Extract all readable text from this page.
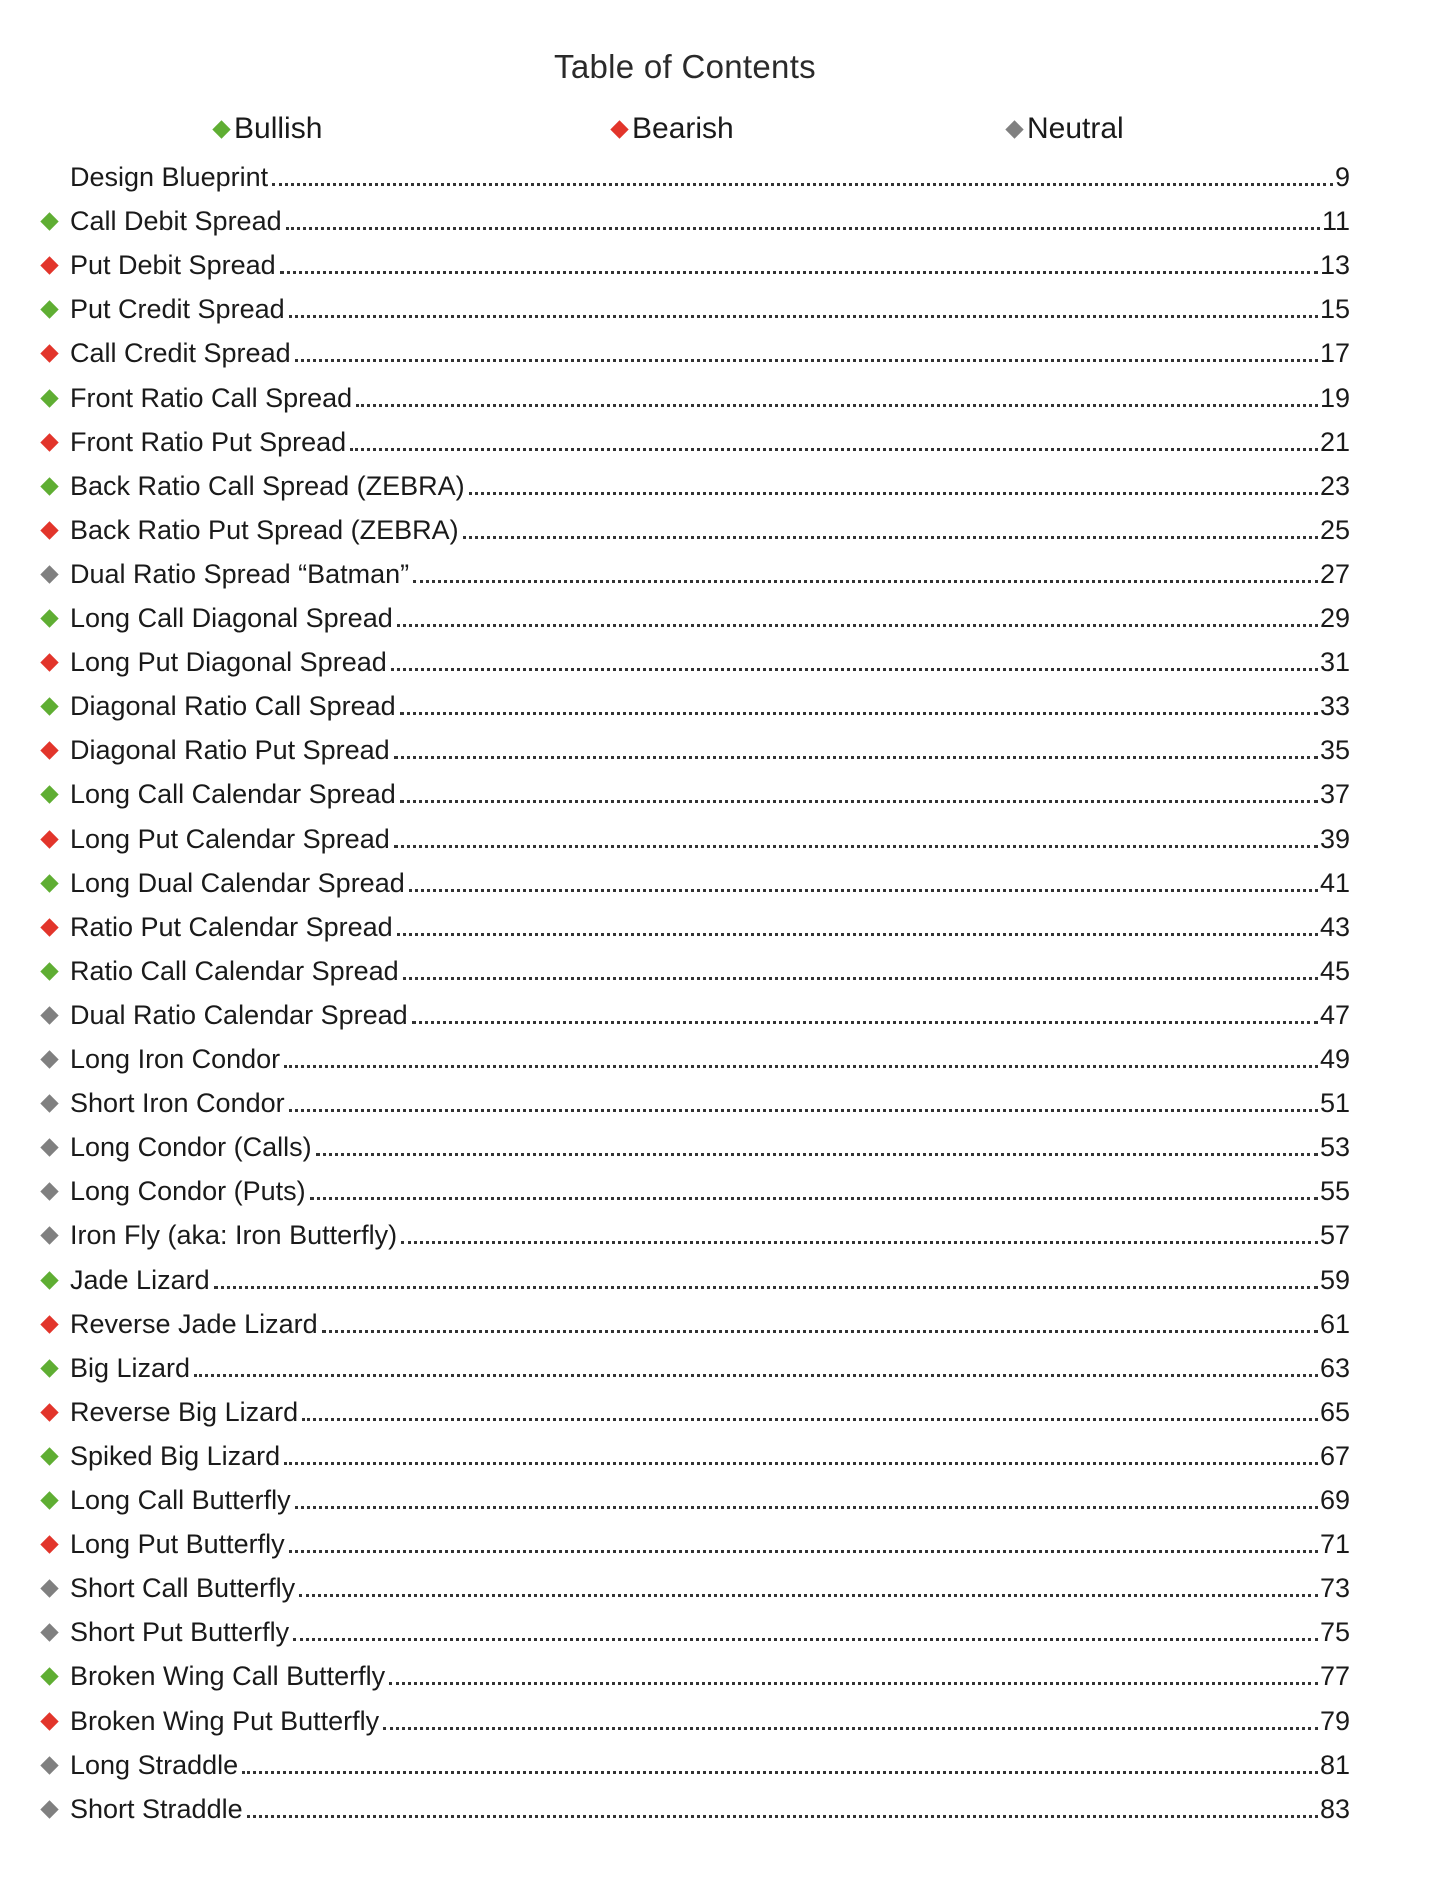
Table of Contents
Bullish	Bearish	Neutral
Design Blueprint	9
Call Debit Spread	11
Put Debit Spread	13
Put Credit Spread	15
Call Credit Spread	17
Front Ratio Call Spread	19
Front Ratio Put Spread	21
Back Ratio Call Spread (ZEBRA)	23
Back Ratio Put Spread (ZEBRA)	25
Dual Ratio Spread “Batman”	27
Long Call Diagonal Spread	29
Long Put Diagonal Spread	31
Diagonal Ratio Call Spread	33
Diagonal Ratio Put Spread	35
Long Call Calendar Spread	37
Long Put Calendar Spread	39
Long Dual Calendar Spread	41
Ratio Put Calendar Spread	43
Ratio Call Calendar Spread	45
Dual Ratio Calendar Spread	47
Long Iron Condor	49
Short Iron Condor	51
Long Condor (Calls)	53
Long Condor (Puts)	55
Iron Fly (aka: Iron Butterfly)	57
Jade Lizard	59
Reverse Jade Lizard	61
Big Lizard	63
Reverse Big Lizard	65
Spiked Big Lizard	67
Long Call Butterfly	69
Long Put Butterfly	71
Short Call Butterfly	73
Short Put Butterfly	75
Broken Wing Call Butterfly	77
Broken Wing Put Butterfly	79
Long Straddle	81
Short Straddle	83
